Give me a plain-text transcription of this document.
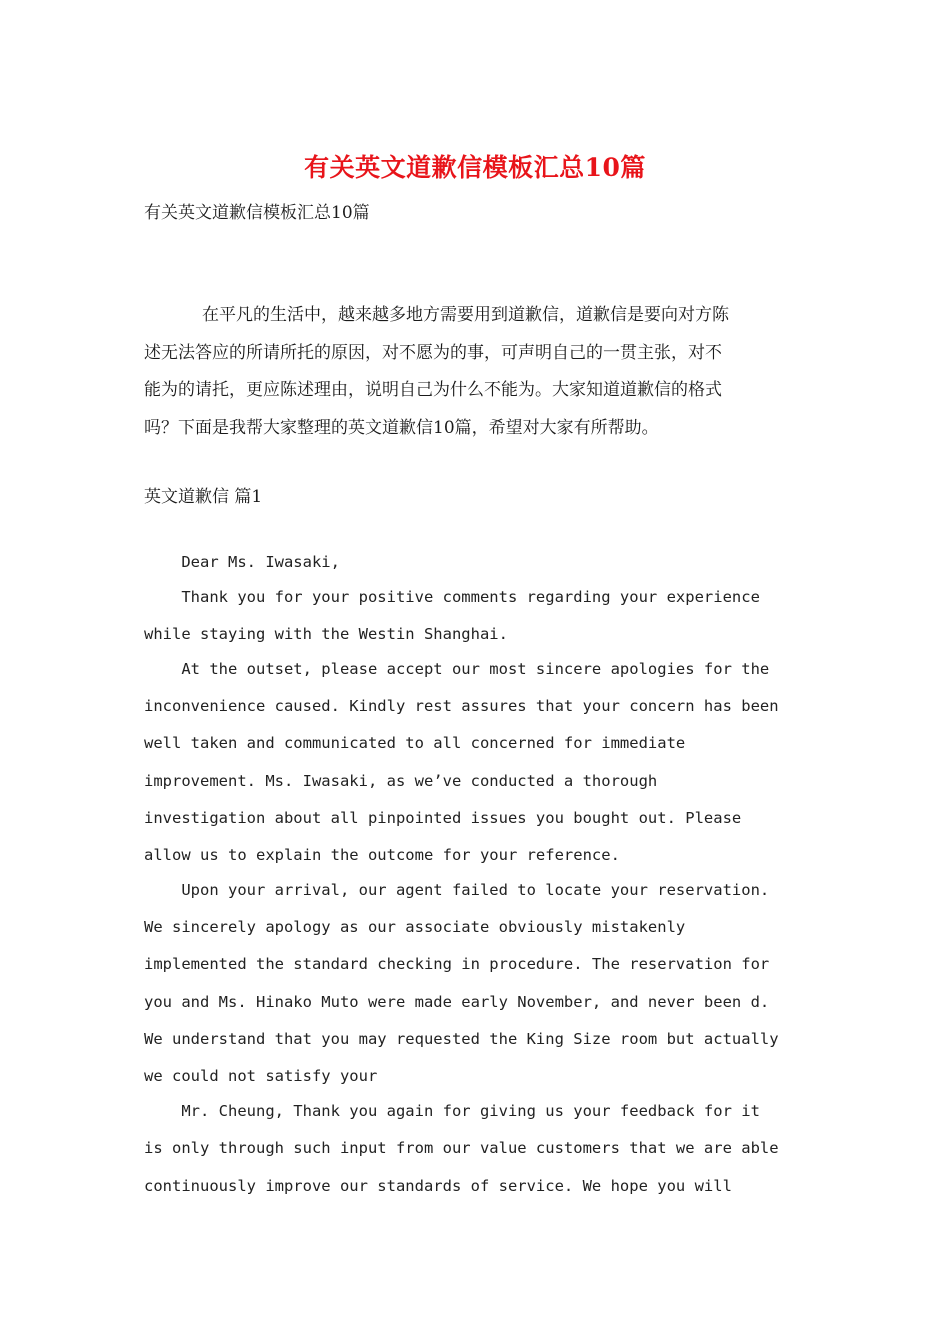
有关英文道歉信模板汇总10篇
有关英文道歉信模板汇总10篇
在平凡的生活中，越来越多地方需要用到道歉信，道歉信是要向对方陈
述无法答应的所请所托的原因，对不愿为的事，可声明自己的一贯主张，对不
能为的请托，更应陈述理由，说明自己为什么不能为。大家知道道歉信的格式
吗？下面是我帮大家整理的英文道歉信10篇，希望对大家有所帮助。
英文道歉信 篇1
Dear Ms. Iwasaki,
Thank you for your positive comments regarding your experience
while staying with the Westin Shanghai.
At the outset, please accept our most sincere apologies for the
inconvenience caused. Kindly rest assures that your concern has been
well taken and communicated to all concerned for immediate
improvement. Ms. Iwasaki, as we’ve conducted a thorough
investigation about all pinpointed issues you bought out. Please
allow us to explain the outcome for your reference.
Upon your arrival, our agent failed to locate your reservation.
We sincerely apology as our associate obviously mistakenly
implemented the standard checking in procedure. The reservation for
you and Ms. Hinako Muto were made early November, and never been d.
We understand that you may requested the King Size room but actually
we could not satisfy your
Mr. Cheung, Thank you again for giving us your feedback for it
is only through such input from our value customers that we are able
continuously improve our standards of service. We hope you will
